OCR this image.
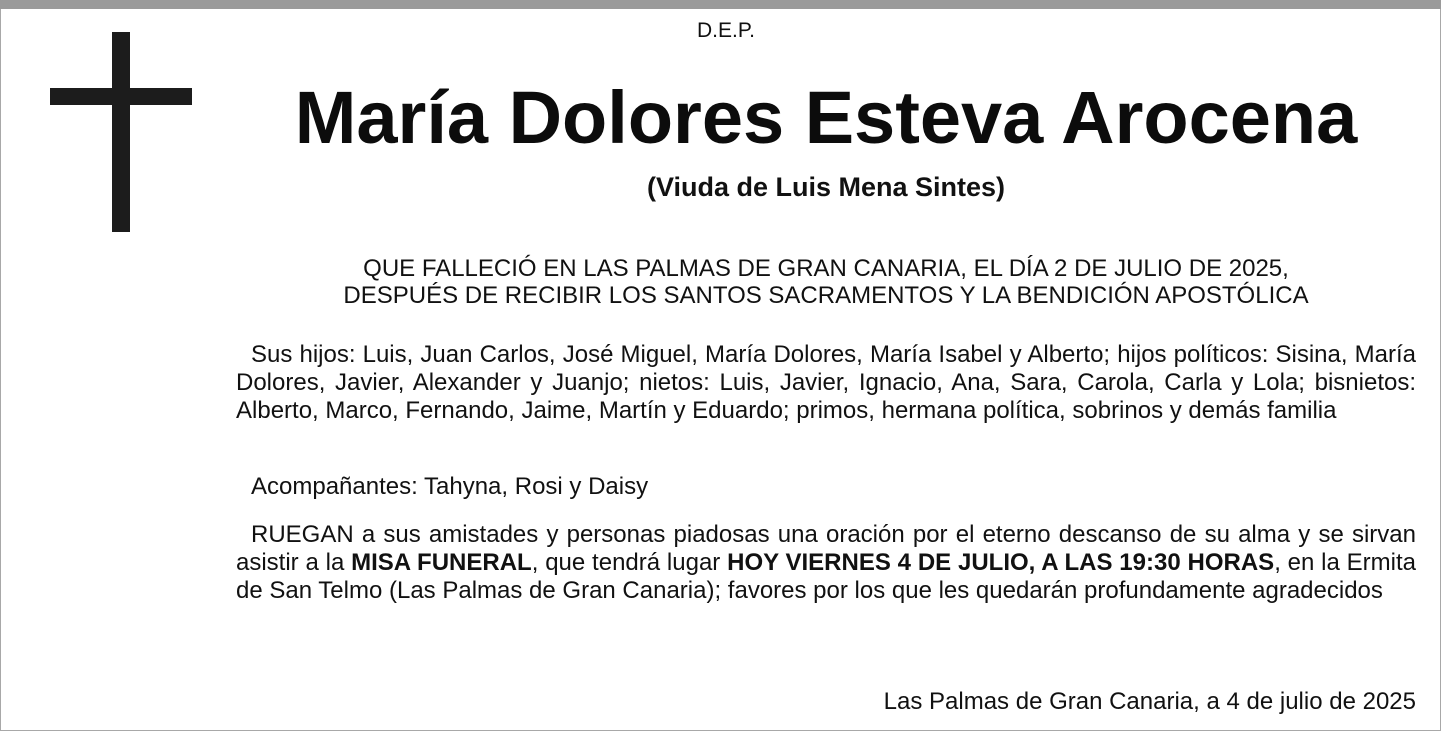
D.E.P.
María Dolores Esteva Arocena
(Viuda de Luis Mena Sintes)
QUE FALLECIÓ EN LAS PALMAS DE GRAN CANARIA, EL DÍA 2 DE JULIO DE 2025,
DESPUÉS DE RECIBIR LOS SANTOS SACRAMENTOS Y LA BENDICIÓN APOSTÓLICA

Sus hijos: Luis, Juan Carlos, José Miguel, María Dolores, María Isabel y Alberto; hijos políticos: Sisina, María Dolores, Javier, Alexander y Juanjo; nietos: Luis, Javier, Ignacio, Ana, Sara, Carola, Carla y Lola; bisnietos: Alberto, Marco, Fernando, Jaime, Martín y Eduardo; primos, hermana política, sobrinos y demás familia

Acompañantes: Tahyna, Rosi y Daisy

RUEGAN a sus amistades y personas piadosas una oración por el eterno descanso de su alma y se sirvan asistir a la MISA FUNERAL, que tendrá lugar HOY VIERNES 4 DE JULIO, A LAS 19:30 HORAS, en la Ermita de San Telmo (Las Palmas de Gran Canaria); favores por los que les quedarán profundamente agradecidos

Las Palmas de Gran Canaria, a 4 de julio de 2025
